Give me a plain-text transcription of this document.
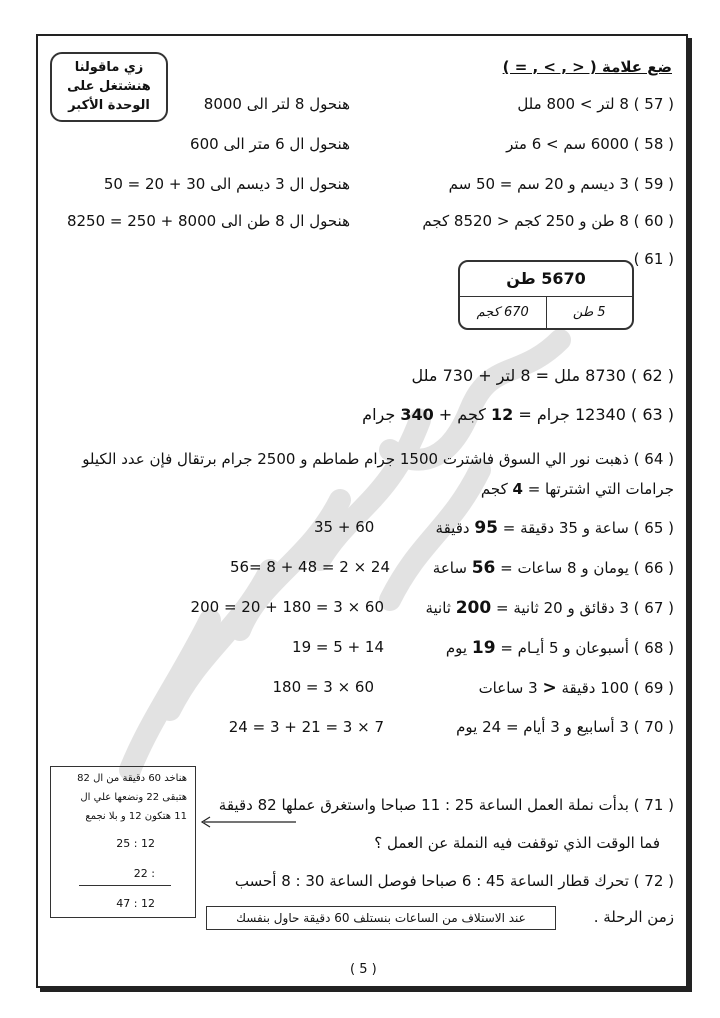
زي ماقولنا
هنشتغل على
الوحدة الأكبر
ضع علامة ( < , > , = )
( 57 ) 8 لتر > 800 ملل
هنحول 8 لتر الى 8000
( 58 ) 6000 سم > 6 متر
هنحول ال 6 متر الى 600
( 59 ) 3 ديسم و 20 سم = 50 سم
هنحول ال 3 ديسم الى 30 + 20 = 50
( 60 ) 8 طن و 250 كجم < 8520 كجم
هنحول ال 8 طن الى 8000 + 250 = 8250
( 61 )
5670 طن
670 كجم	5 طن
( 62 ) 8730 ملل = 8 لتر + 730 ملل
( 63 ) 12340 جرام = 12 كجم + 340 جرام
( 64 ) ذهبت نور الي السوق فاشترت 1500 جرام طماطم و 2500 جرام برتقال فإن عدد الكيلو
جرامات التي اشترتها = 4 كجم
( 65 ) ساعة و 35 دقيقة = 95 دقيقة
35 + 60
( 66 ) يومان و 8 ساعات = 56 ساعة
24 × 2 = 48 + 8 =56
( 67 ) 3 دقائق و 20 ثانية = 200 ثانية
60 × 3 = 180 + 20 = 200
( 68 ) أسبوعان و 5 أيـام = 19 يوم
14 + 5 = 19
( 69 ) 100 دقيقة < 3 ساعات
60 × 3 = 180
( 70 ) 3 أسابيع و 3 أيام = 24 يوم
7 × 3 = 21 + 3 = 24
هناخد 60 دقيقة من ال 82
هتبقى 22 ونضعها علي ال
11 هتكون 12 و بلا نجمع
12 : 25
: 22
12 : 47
( 71 ) بدأت نملة العمل الساعة 25 : 11 صباحا واستغرق عملها 82 دقيقة
فما الوقت الذي توقفت فيه النملة عن العمل ؟
( 72 ) تحرك قطار الساعة 45 : 6 صباحا فوصل الساعة 30 : 8 أحسب
زمن الرحلة .
عند الاستلاف من الساعات بنستلف 60 دقيقة حاول بنفسك
( 5 )
